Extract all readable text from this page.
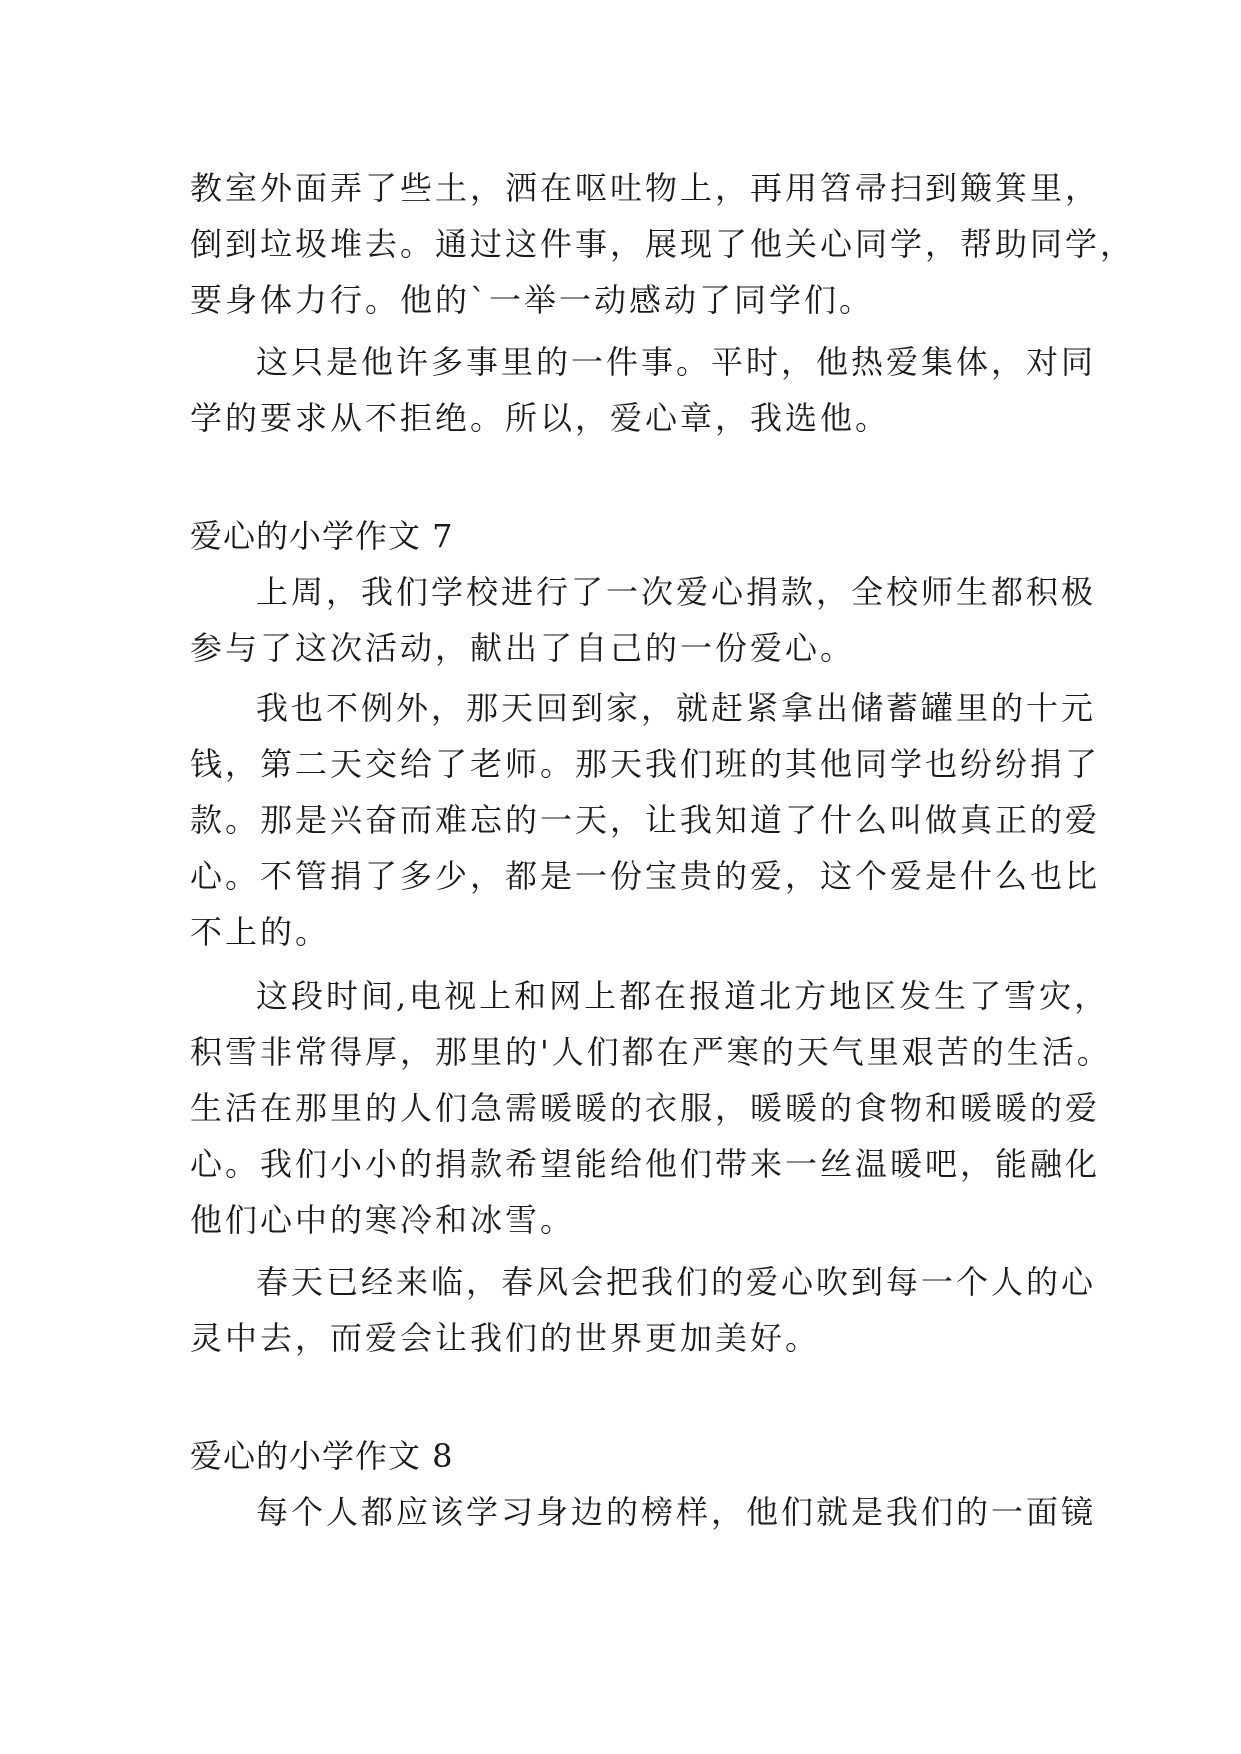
教室外面弄了些土，洒在呕吐物上，再用笤帚扫到簸箕里，
倒到垃圾堆去。通过这件事，展现了他关心同学，帮助同学，
要身体力行。他的`一举一动感动了同学们。
这只是他许多事里的一件事。平时，他热爱集体，对同
学的要求从不拒绝。所以，爱心章，我选他。
爱心的小学作文 7
上周，我们学校进行了一次爱心捐款，全校师生都积极
参与了这次活动，献出了自己的一份爱心。
我也不例外，那天回到家，就赶紧拿出储蓄罐里的十元
钱，第二天交给了老师。那天我们班的其他同学也纷纷捐了
款。那是兴奋而难忘的一天，让我知道了什么叫做真正的爱
心。不管捐了多少，都是一份宝贵的爱，这个爱是什么也比
不上的。
这段时间,电视上和网上都在报道北方地区发生了雪灾，
积雪非常得厚，那里的'人们都在严寒的天气里艰苦的生活。
生活在那里的人们急需暖暖的衣服，暖暖的食物和暖暖的爱
心。我们小小的捐款希望能给他们带来一丝温暖吧，能融化
他们心中的寒冷和冰雪。
春天已经来临，春风会把我们的爱心吹到每一个人的心
灵中去，而爱会让我们的世界更加美好。
爱心的小学作文 8
每个人都应该学习身边的榜样，他们就是我们的一面镜
